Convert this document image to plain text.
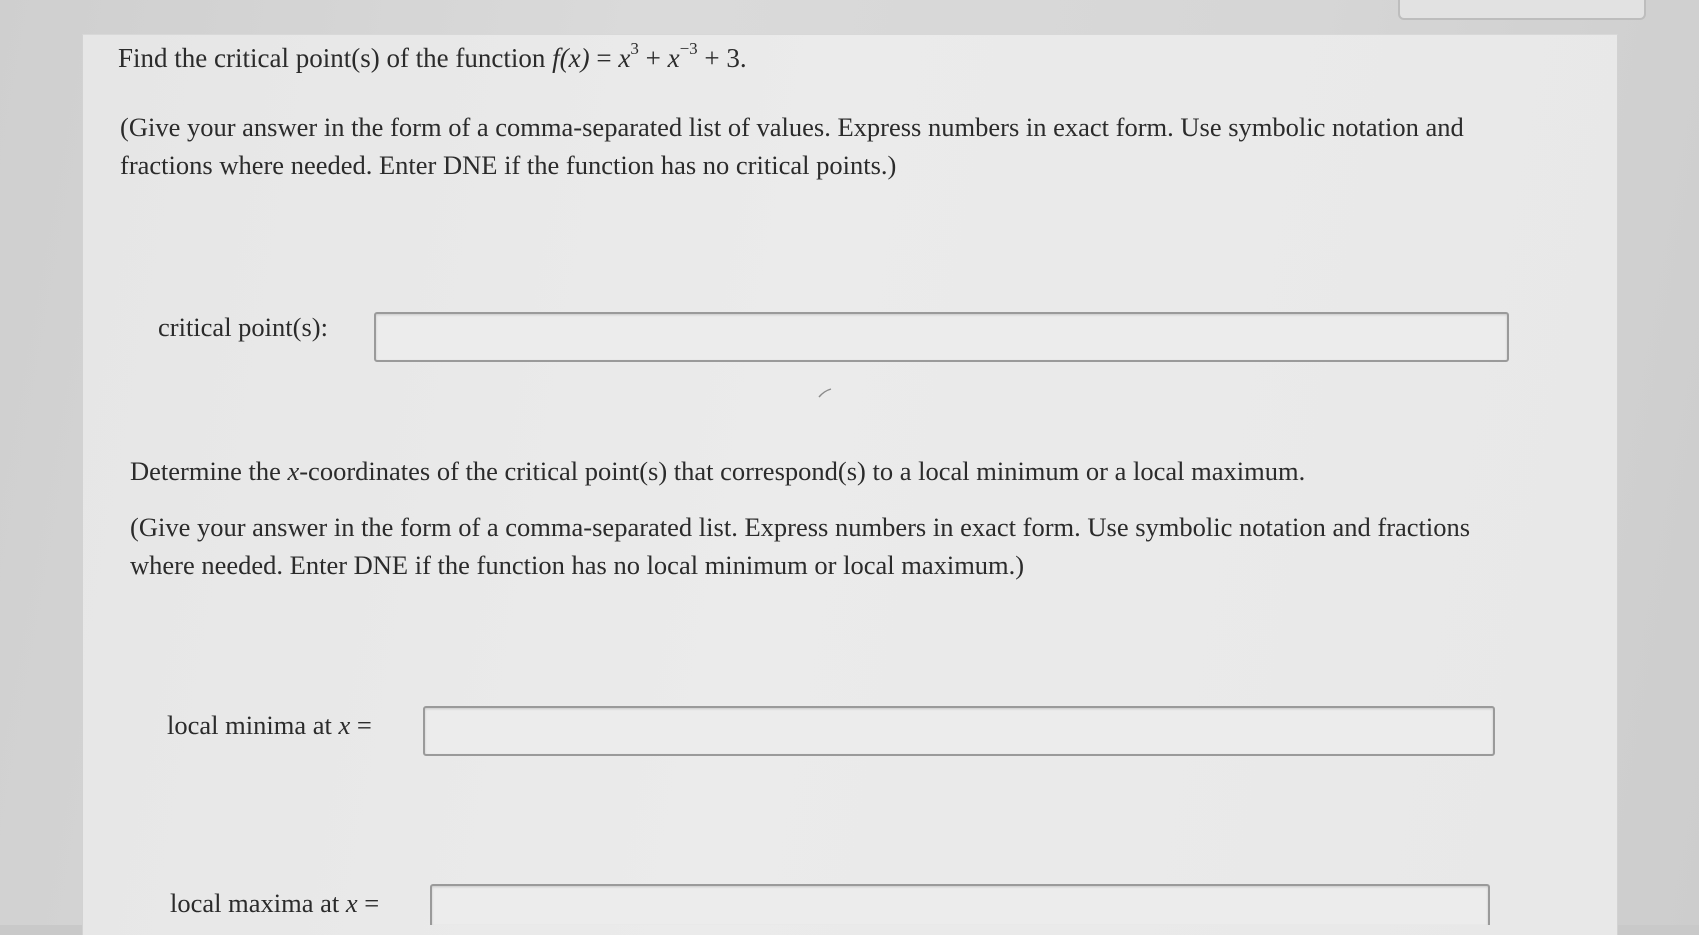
Find the critical point(s) of the function $f(x) = x^3 + x^{-3} + 3$.
(Give your answer in the form of a comma-separated list of values. Express numbers in exact form. Use symbolic notation and
fractions where needed. Enter DNE if the function has no critical points.)
critical point(s):
Determine the x-coordinates of the critical point(s) that correspond(s) to a local minimum or a local maximum.
(Give your answer in the form of a comma-separated list. Express numbers in exact form. Use symbolic notation and fractions
where needed. Enter DNE if the function has no local minimum or local maximum.)
local minima at x =
local maxima at x =
